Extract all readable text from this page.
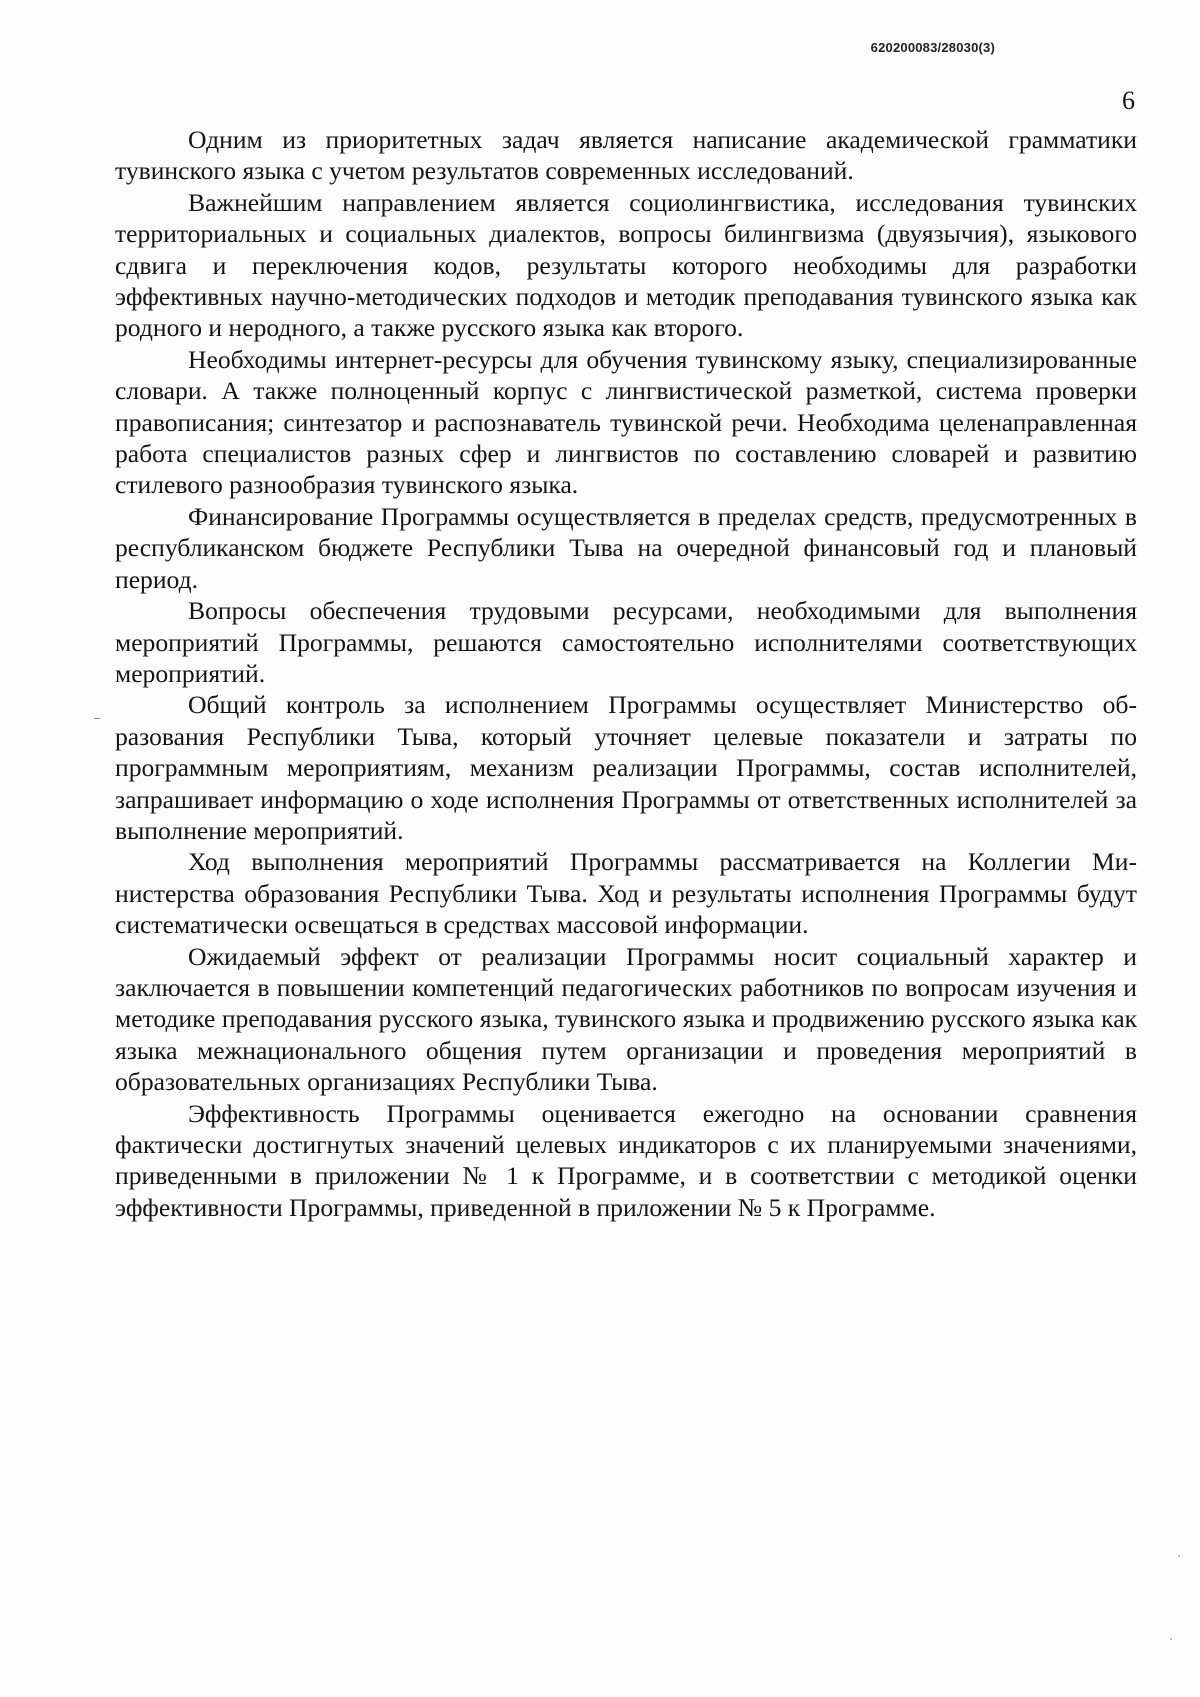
620200083/28030(3)
6

Одним из приоритетных задач является написание академической грамматики тувинского языка с учетом результатов современных исследований.

Важнейшим направлением является социолингвистика, исследования тувинских территориальных и социальных диалектов, вопросы билингвизма (двуязычия), языкового сдвига и переключения кодов, результаты которого необходимы для разработки эффективных научно-методических подходов и методик преподавания тувинского языка как родного и неродного, а также русского языка как второго.

Необходимы интернет-ресурсы для обучения тувинскому языку, специализированные словари. А также полноценный корпус с лингвистической разметкой, система проверки правописания; синтезатор и распознаватель тувинской речи. Необходима целенаправленная работа специалистов разных сфер и лингвистов по составлению словарей и развитию стилевого разнообразия тувинского языка.

Финансирование Программы осуществляется в пределах средств, предусмотренных в республиканском бюджете Республики Тыва на очередной финансовый год и плановый период.

Вопросы обеспечения трудовыми ресурсами, необходимыми для выполнения мероприятий Программы, решаются самостоятельно исполнителями соответствующих мероприятий.

Общий контроль за исполнением Программы осуществляет Министерство образования Республики Тыва, который уточняет целевые показатели и затраты по программным мероприятиям, механизм реализации Программы, состав исполнителей, запрашивает информацию о ходе исполнения Программы от ответственных исполнителей за выполнение мероприятий.

Ход выполнения мероприятий Программы рассматривается на Коллегии Министерства образования Республики Тыва. Ход и результаты исполнения Программы будут систематически освещаться в средствах массовой информации.

Ожидаемый эффект от реализации Программы носит социальный характер и заключается в повышении компетенций педагогических работников по вопросам изучения и методике преподавания русского языка, тувинского языка и продвижению русского языка как языка межнационального общения путем организации и проведения мероприятий в образовательных организациях Республики Тыва.

Эффективность Программы оценивается ежегодно на основании сравнения фактически достигнутых значений целевых индикаторов с их планируемыми значениями, приведенными в приложении № 1 к Программе, и в соответствии с методикой оценки эффективности Программы, приведенной в приложении № 5 к Программе.
